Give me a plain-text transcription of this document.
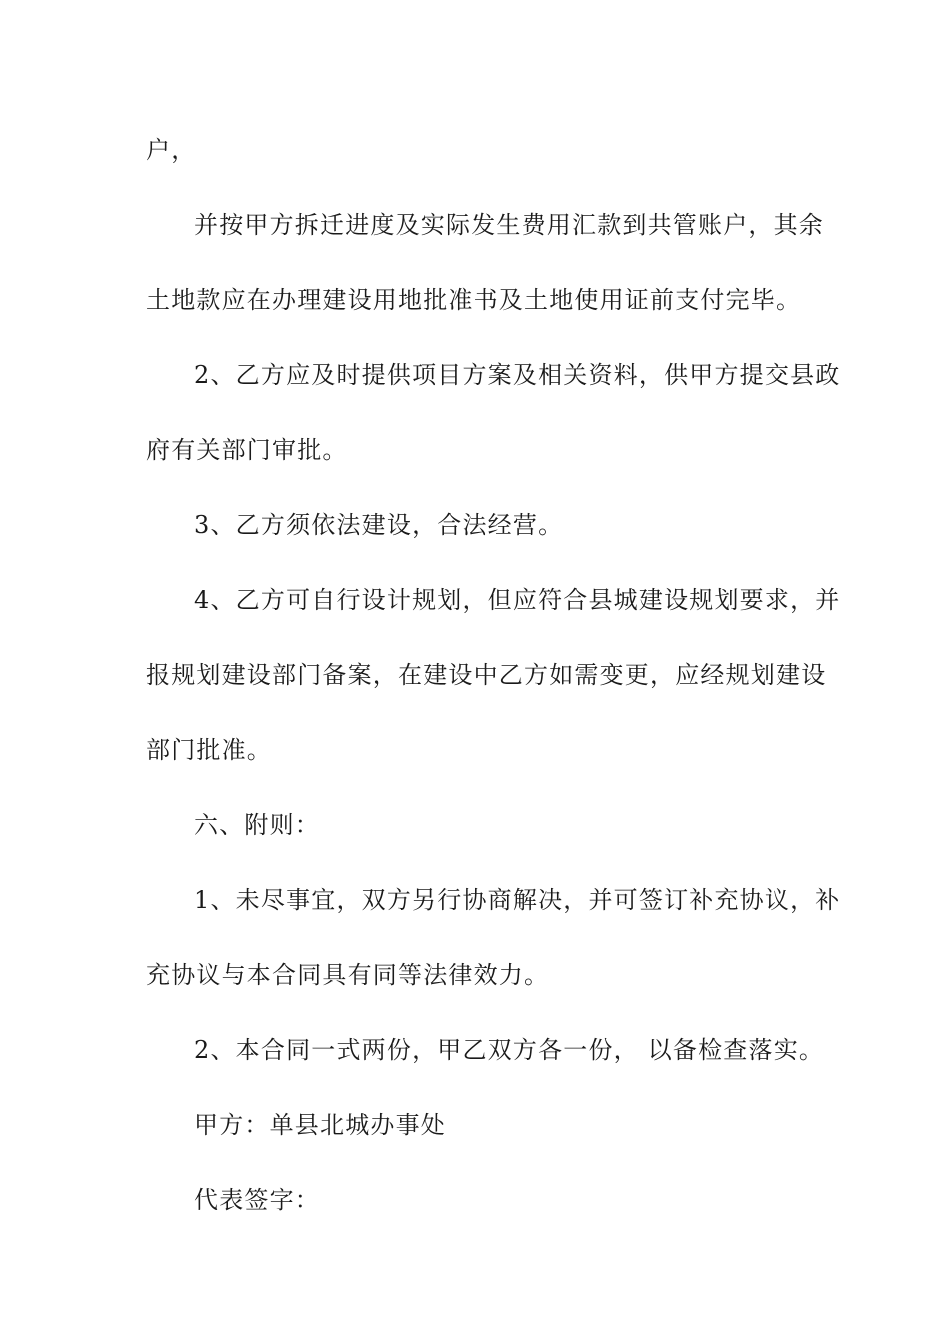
户，
并按甲方拆迁进度及实际发生费用汇款到共管账户，其余
土地款应在办理建设用地批准书及土地使用证前支付完毕。
2、乙方应及时提供项目方案及相关资料，供甲方提交县政
府有关部门审批。
3、乙方须依法建设，合法经营。
4、乙方可自行设计规划，但应符合县城建设规划要求，并
报规划建设部门备案，在建设中乙方如需变更，应经规划建设
部门批准。
六、附则：
1、未尽事宜，双方另行协商解决，并可签订补充协议，补
充协议与本合同具有同等法律效力。
2、本合同一式两份，甲乙双方各一份， 以备检查落实。
甲方：单县北城办事处
代表签字：
